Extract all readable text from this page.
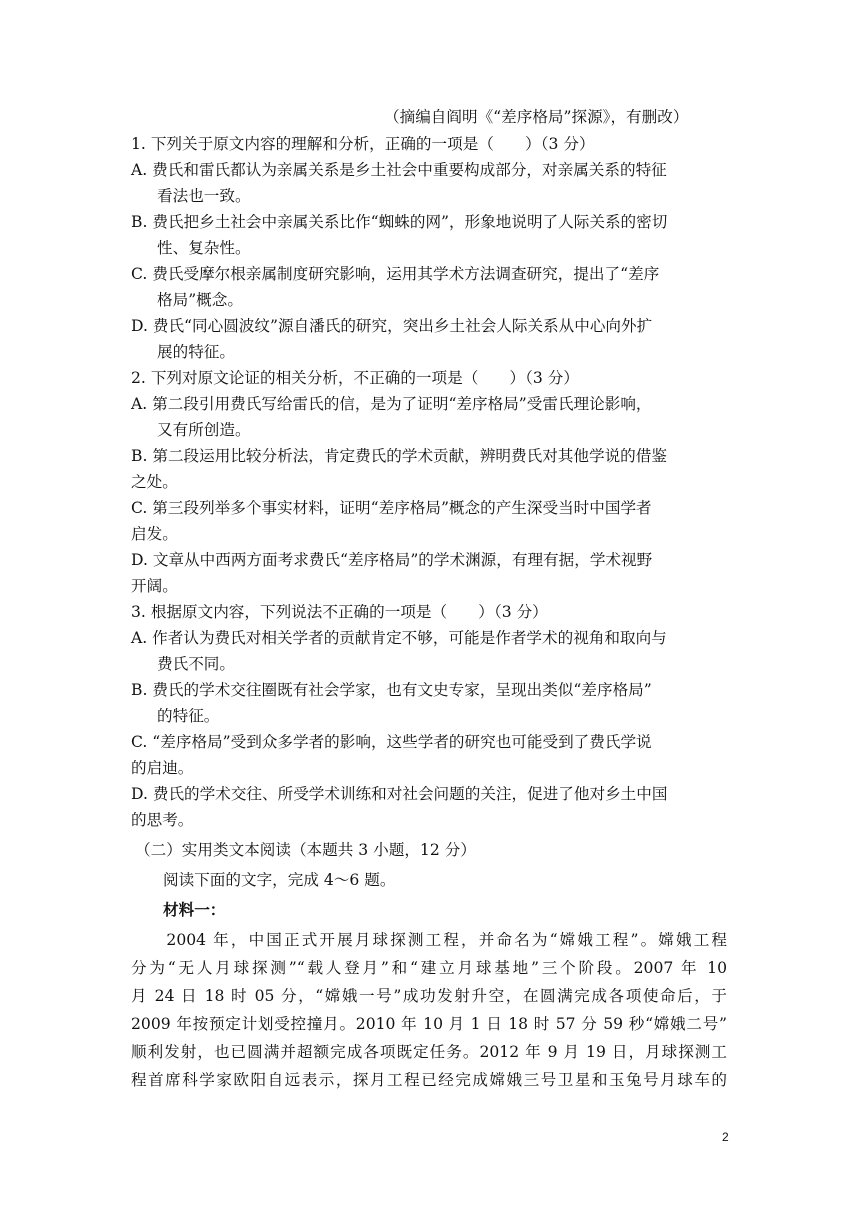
（摘编自阎明《“差序格局”探源》，有删改）
1. 下列关于原文内容的理解和分析，正确的一项是（　　）（3 分）
A. 费氏和雷氏都认为亲属关系是乡土社会中重要构成部分，对亲属关系的特征
看法也一致。
B. 费氏把乡土社会中亲属关系比作“蜘蛛的网”，形象地说明了人际关系的密切
性、复杂性。
C. 费氏受摩尔根亲属制度研究影响，运用其学术方法调查研究，提出了“差序
格局”概念。
D. 费氏“同心圆波纹”源自潘氏的研究，突出乡土社会人际关系从中心向外扩
展的特征。
2. 下列对原文论证的相关分析，不正确的一项是（　　）（3 分）
A. 第二段引用费氏写给雷氏的信，是为了证明“差序格局”受雷氏理论影响，
又有所创造。
B. 第二段运用比较分析法，肯定费氏的学术贡献，辨明费氏对其他学说的借鉴
之处。
C. 第三段列举多个事实材料，证明“差序格局”概念的产生深受当时中国学者
启发。
D. 文章从中西两方面考求费氏“差序格局”的学术渊源，有理有据，学术视野
开阔。
3. 根据原文内容，下列说法不正确的一项是（　　）（3 分）
A. 作者认为费氏对相关学者的贡献肯定不够，可能是作者学术的视角和取向与
费氏不同。
B. 费氏的学术交往圈既有社会学家，也有文史专家，呈现出类似“差序格局”
的特征。
C. “差序格局”受到众多学者的影响，这些学者的研究也可能受到了费氏学说
的启迪。
D. 费氏的学术交往、所受学术训练和对社会问题的关注，促进了他对乡土中国
的思考。
（二）实用类文本阅读（本题共 3 小题，12 分）
阅读下面的文字，完成 4～6 题。
材料一：
　　2004 年，中国正式开展月球探测工程，并命名为“嫦娥工程”。嫦娥工程
分为“无人月球探测”“载人登月”和“建立月球基地”三个阶段。2007 年 10
月 24 日 18 时 05 分，“嫦娥一号”成功发射升空，在圆满完成各项使命后，于
2009 年按预定计划受控撞月。2010 年 10 月 1 日 18 时 57 分 59 秒“嫦娥二号”
顺利发射，也已圆满并超额完成各项既定任务。2012 年 9 月 19 日，月球探测工
程首席科学家欧阳自远表示，探月工程已经完成嫦娥三号卫星和玉兔号月球车的
2
